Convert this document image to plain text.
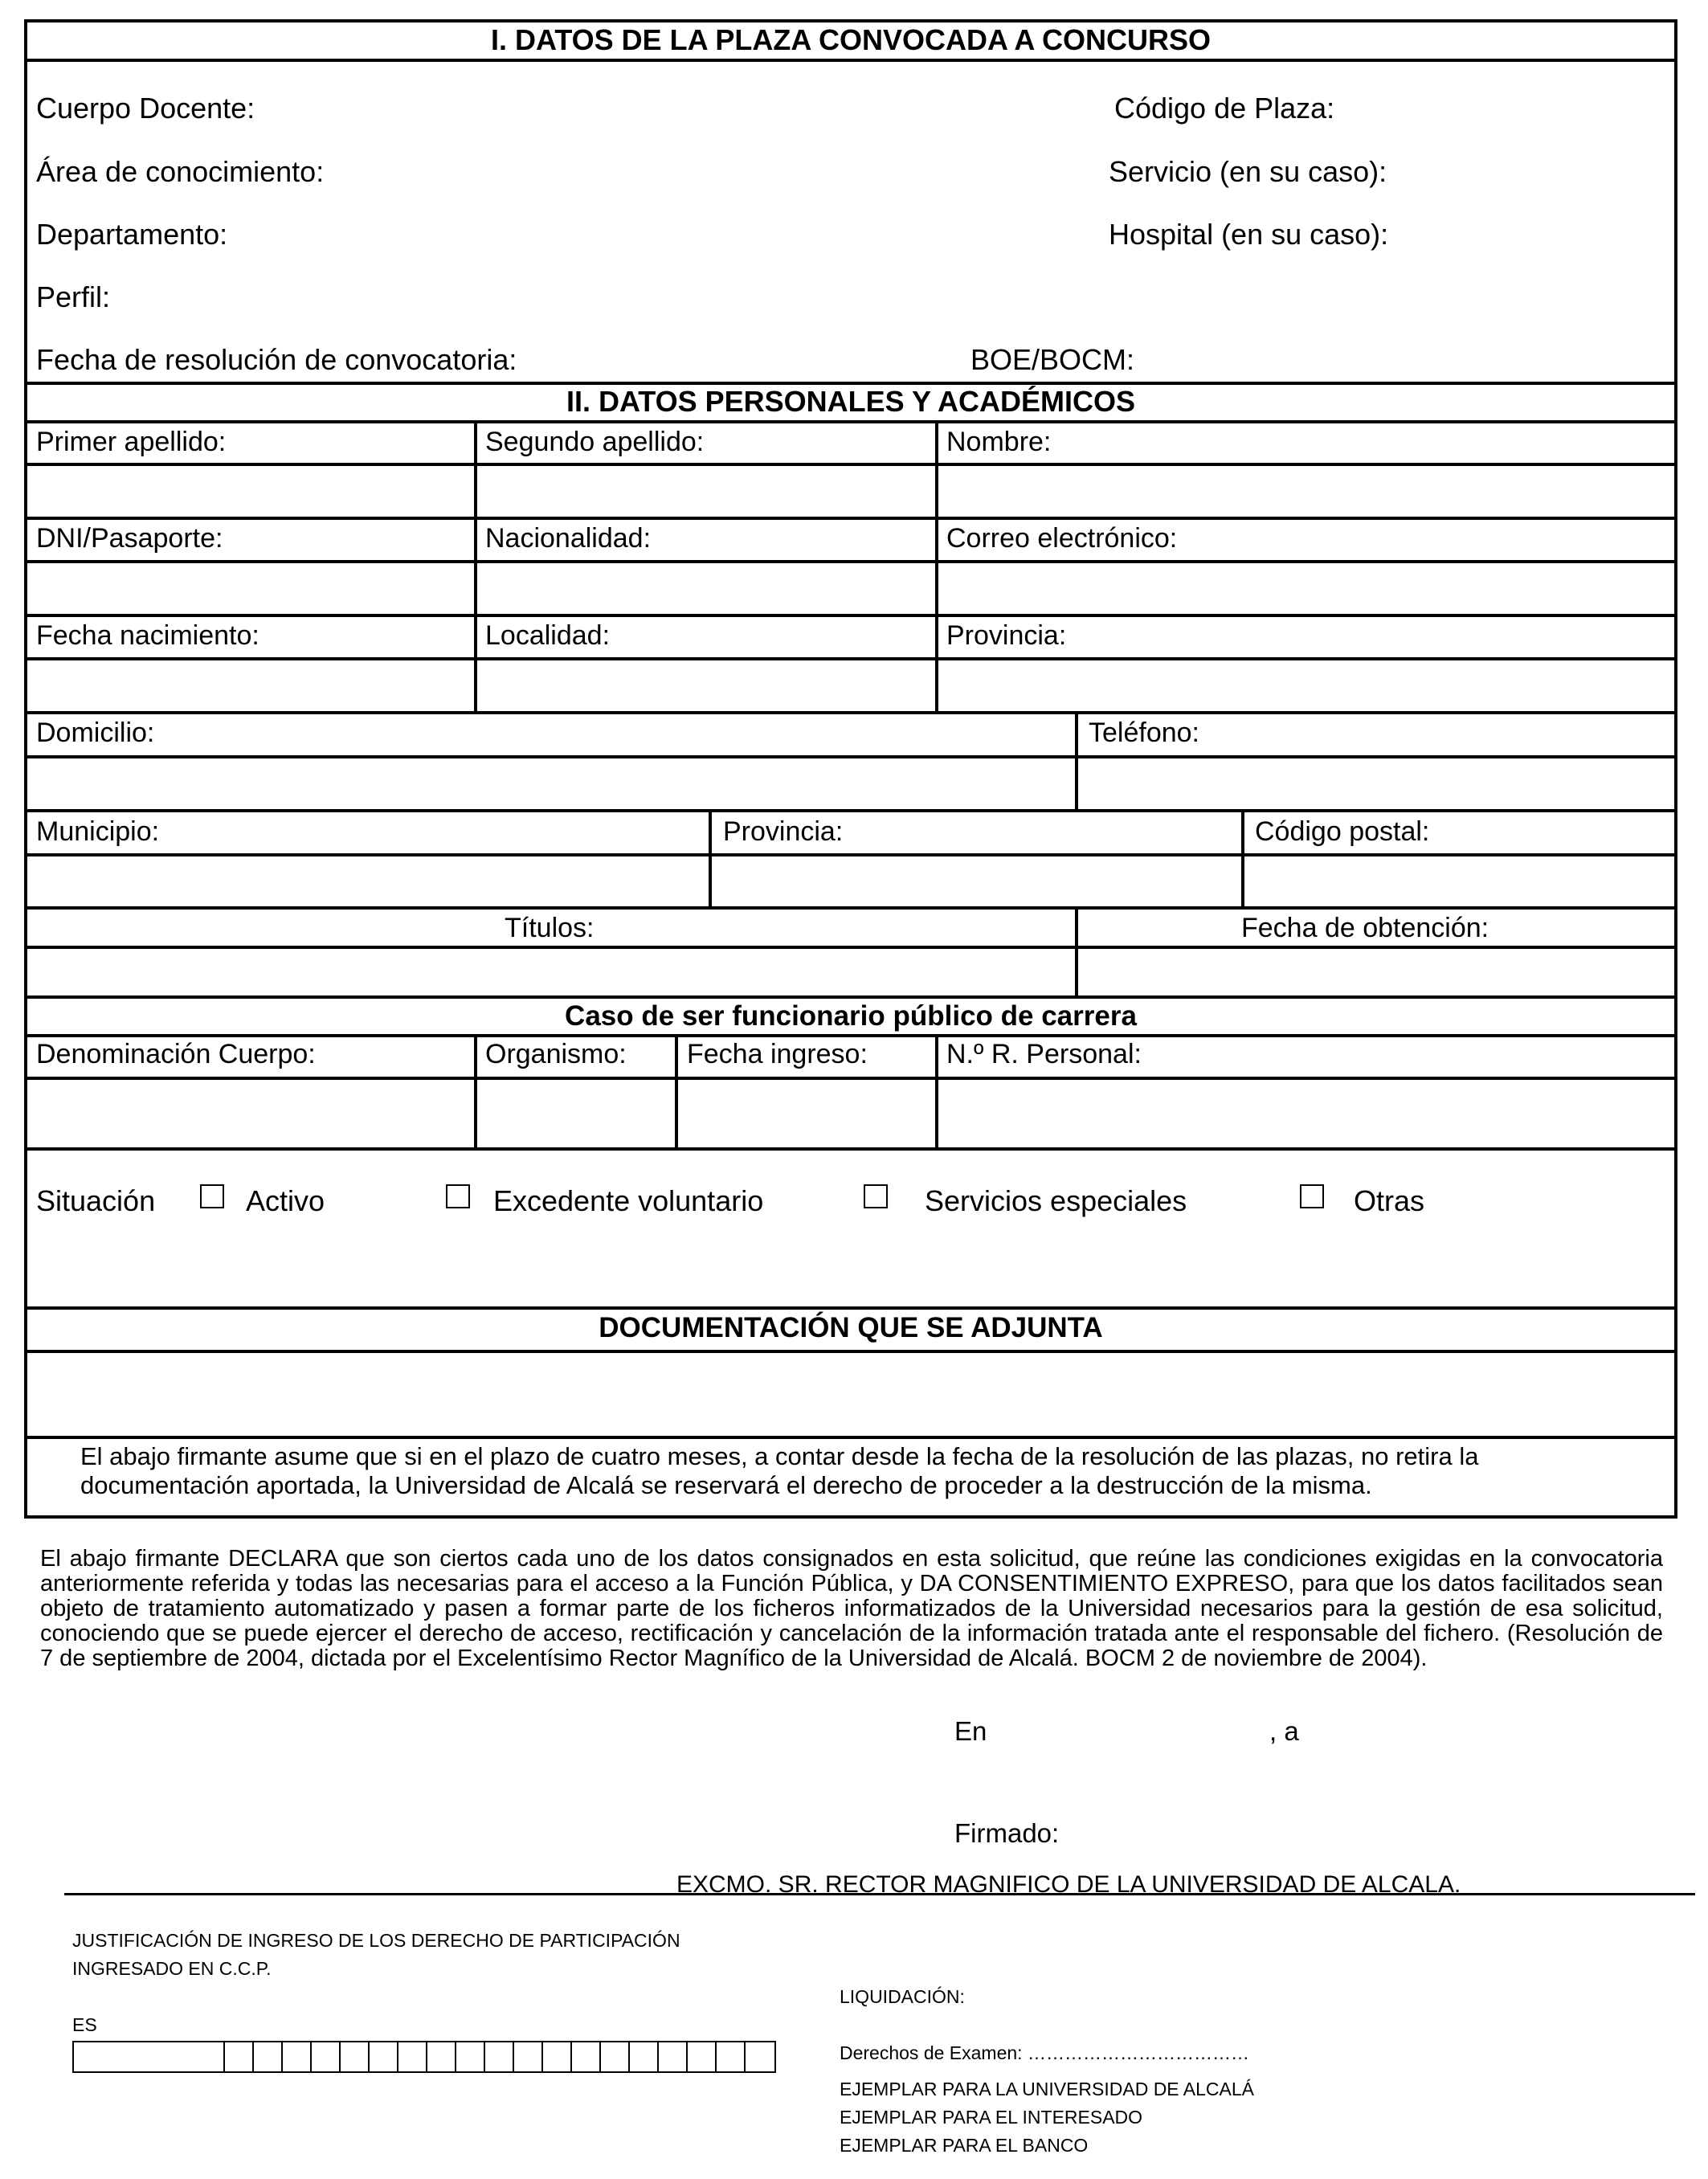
I. DATOS DE LA PLAZA CONVOCADA A CONCURSO
Cuerpo Docente:	Código de Plaza:
Área de conocimiento:	Servicio (en su caso):
Departamento:	Hospital (en su caso):
Perfil:
Fecha de resolución de convocatoria:	BOE/BOCM:
II. DATOS PERSONALES Y ACADÉMICOS
Primer apellido:	Segundo apellido:	Nombre:
DNI/Pasaporte:	Nacionalidad:	Correo electrónico:
Fecha nacimiento:	Localidad:	Provincia:
Domicilio:	Teléfono:
Municipio:	Provincia:	Código postal:
Títulos:	Fecha de obtención:
Caso de ser funcionario público de carrera
Denominación Cuerpo:	Organismo: Fecha ingreso:	N.º R. Personal:
Situación	Activo	Excedente voluntario	Servicios especiales	Otras
DOCUMENTACIÓN QUE SE ADJUNTA
El abajo firmante asume que si en el plazo de cuatro meses, a contar desde la fecha de la resolución de las plazas, no retira la
documentación aportada, la Universidad de Alcalá se reservará el derecho de proceder a la destrucción de la misma.
El abajo firmante DECLARA que son ciertos cada uno de los datos consignados en esta solicitud, que reúne las condiciones exigidas en la convocatoria anteriormente referida y todas las necesarias para el acceso a la Función Pública, y DA CONSENTIMIENTO EXPRESO, para que los datos facilitados sean objeto de tratamiento automatizado y pasen a formar parte de los ficheros informatizados de la Universidad necesarios para la gestión de esa solicitud, conociendo que se puede ejercer el derecho de acceso, rectificación y cancelación de la información tratada ante el responsable del fichero. (Resolución de 7 de septiembre de 2004, dictada por el Excelentísimo Rector Magnífico de la Universidad de Alcalá. BOCM 2 de noviembre de 2004).
En	, a
Firmado:
EXCMO. SR. RECTOR MAGNIFICO DE LA UNIVERSIDAD DE ALCALA.
JUSTIFICACIÓN DE INGRESO DE LOS DERECHO DE PARTICIPACIÓN
INGRESADO EN C.C.P.
ES
LIQUIDACIÓN:
Derechos de Examen: ………………………………
EJEMPLAR PARA LA UNIVERSIDAD DE ALCALÁ
EJEMPLAR PARA EL INTERESADO
EJEMPLAR PARA EL BANCO
